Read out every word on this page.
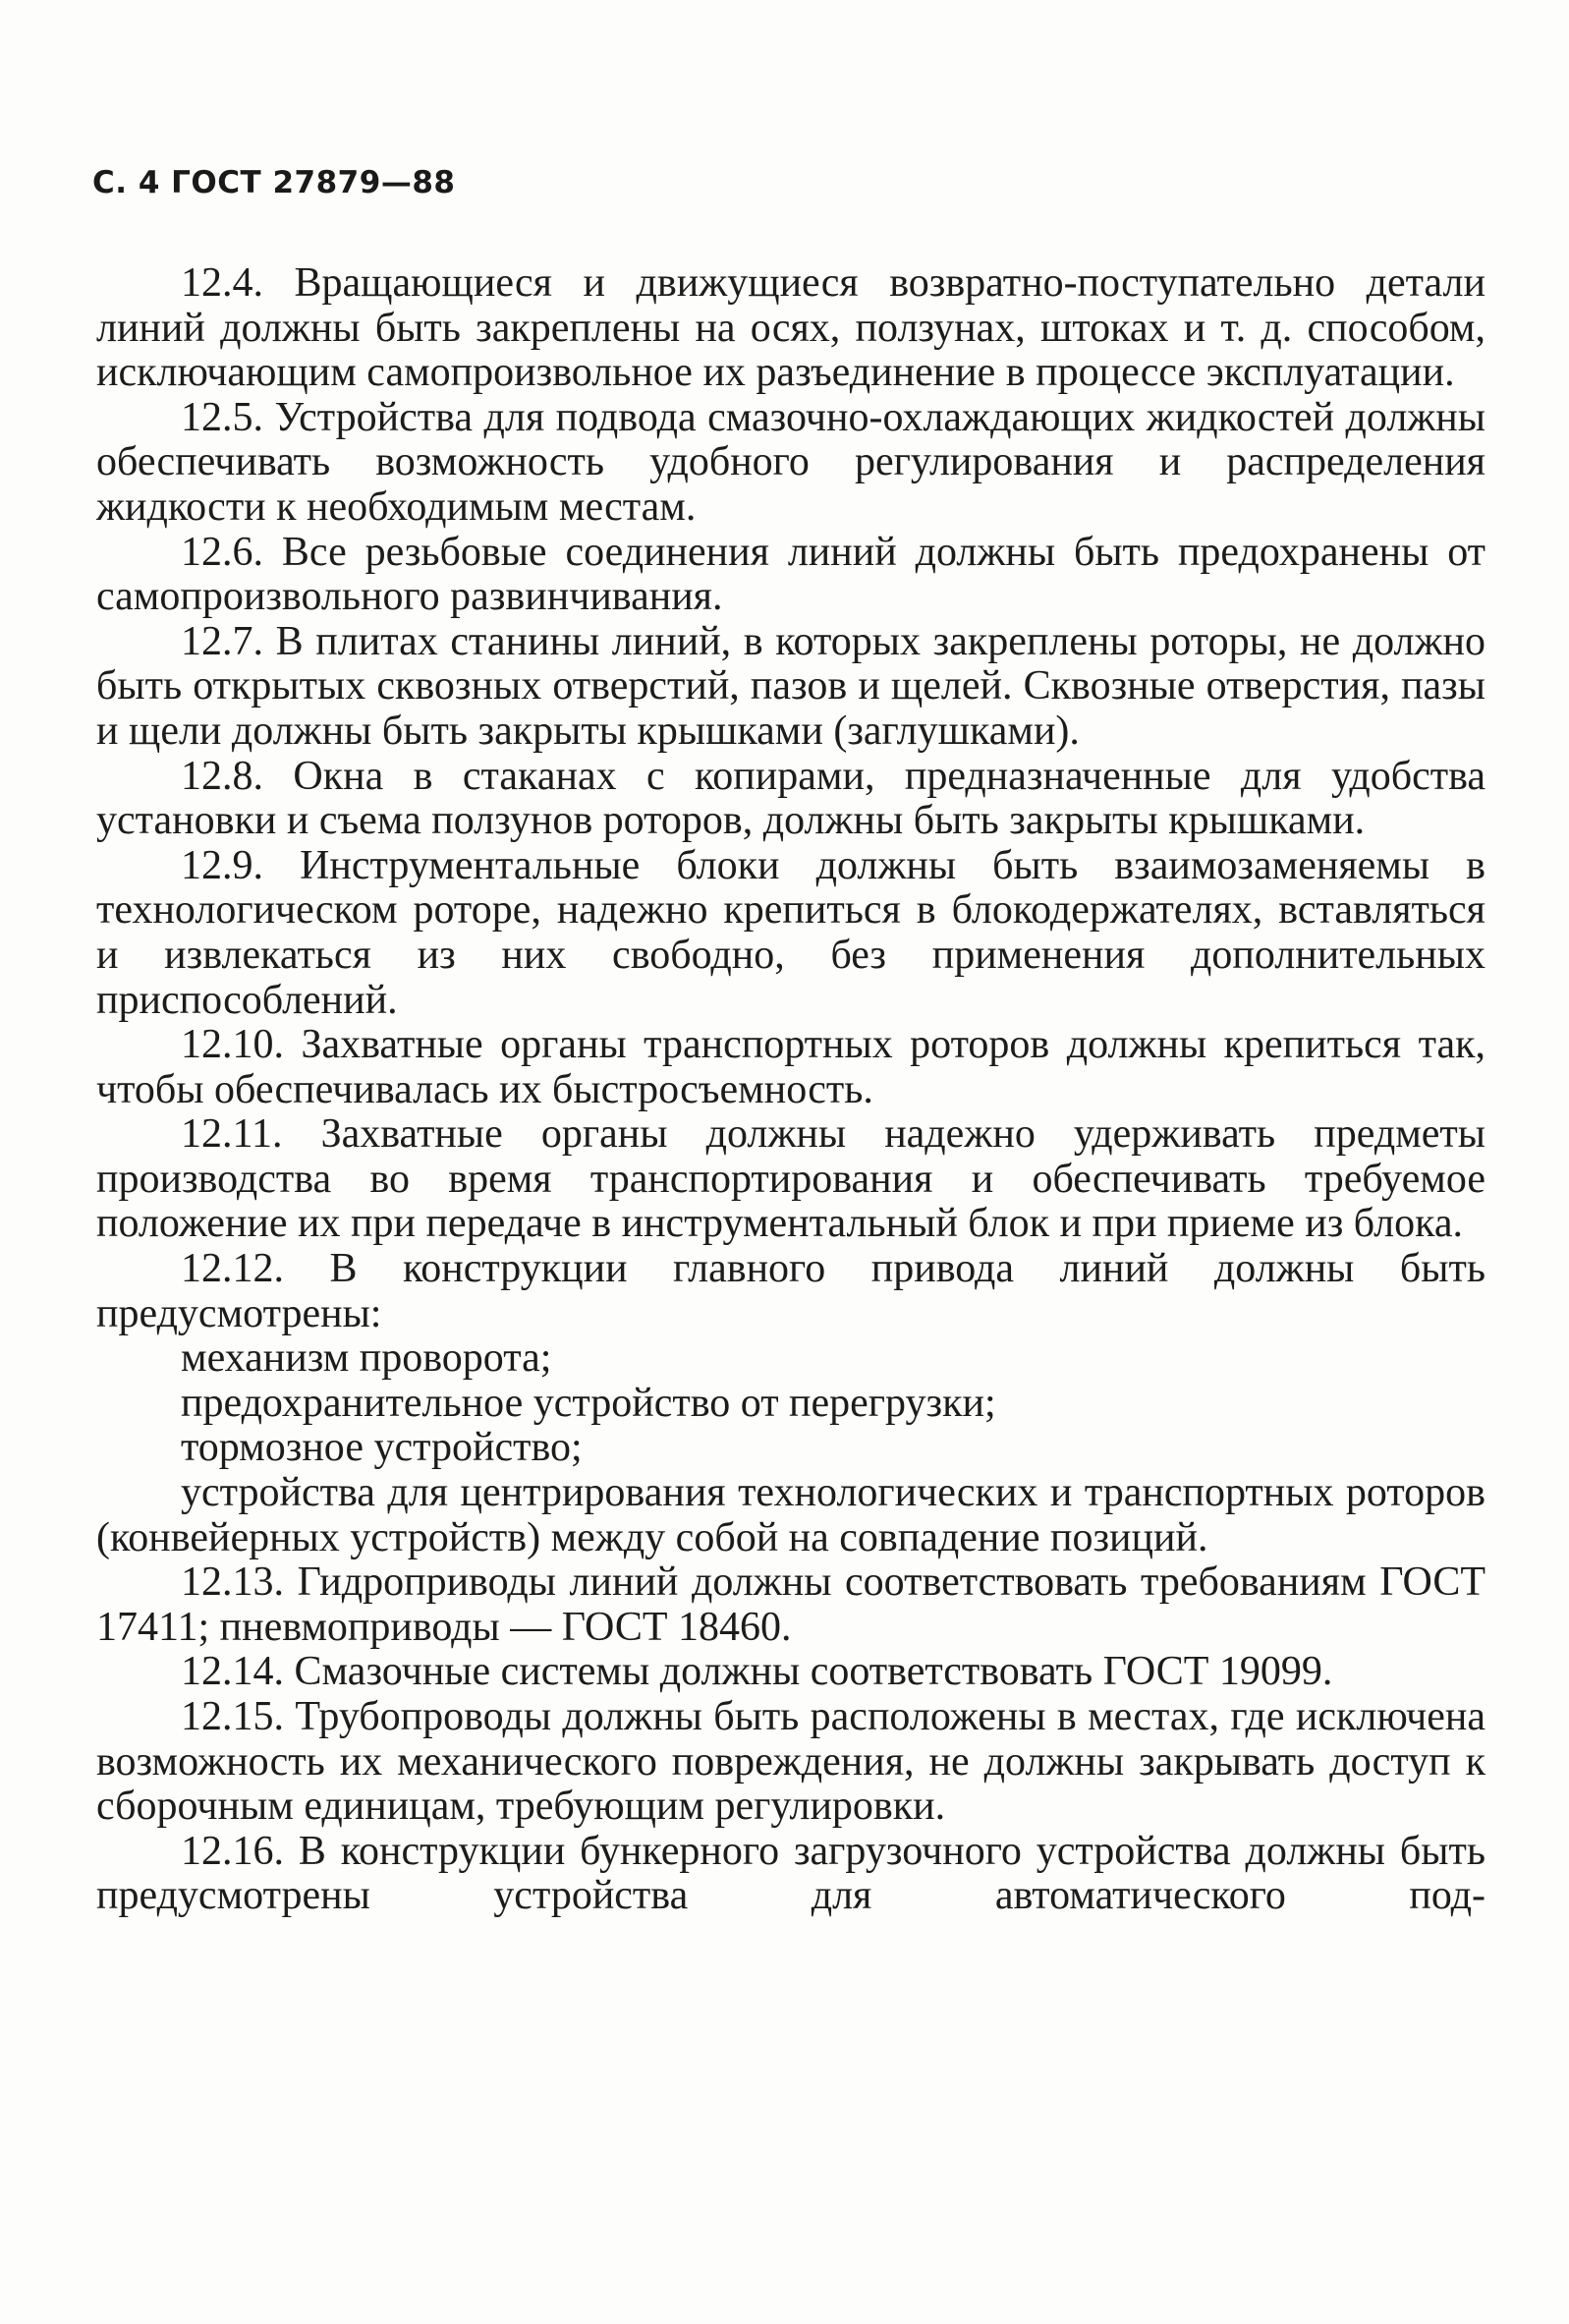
С. 4 ГОСТ 27879—88

12.4. Вращающиеся и движущиеся возвратно-поступательно детали линий должны быть закреплены на осях, ползунах, штоках и т. д. способом, исключающим самопроизвольное их разъединение в процессе эксплуатации.

12.5. Устройства для подвода смазочно-охлаждающих жидкостей должны обеспечивать возможность удобного регулирования и распределения жидкости к необходимым местам.

12.6. Все резьбовые соединения линий должны быть предохранены от самопроизвольного развинчивания.

12.7. В плитах станины линий, в которых закреплены роторы, не должно быть открытых сквозных отверстий, пазов и щелей. Сквозные отверстия, пазы и щели должны быть закрыты крышками (заглушками).

12.8. Окна в стаканах с копирами, предназначенные для удобства установки и съема ползунов роторов, должны быть закрыты крышками.

12.9. Инструментальные блоки должны быть взаимозаменяемы в технологическом роторе, надежно крепиться в блокодержателях, вставляться и извлекаться из них свободно, без применения дополнительных приспособлений.

12.10. Захватные органы транспортных роторов должны крепиться так, чтобы обеспечивалась их быстросъемность.

12.11. Захватные органы должны надежно удерживать предметы производства во время транспортирования и обеспечивать требуемое положение их при передаче в инструментальный блок и при приеме из блока.

12.12. В конструкции главного привода линий должны быть предусмотрены:

механизм проворота;

предохранительное устройство от перегрузки;

тормозное устройство;

устройства для центрирования технологических и транспортных роторов (конвейерных устройств) между собой на совпадение позиций.

12.13. Гидроприводы линий должны соответствовать требованиям ГОСТ 17411; пневмоприводы — ГОСТ 18460.

12.14. Смазочные системы должны соответствовать ГОСТ 19099.

12.15. Трубопроводы должны быть расположены в местах, где исключена возможность их механического повреждения, не должны закрывать доступ к сборочным единицам, требующим регулировки.

12.16. В конструкции бункерного загрузочного устройства должны быть предусмотрены устройства для автоматического под-
